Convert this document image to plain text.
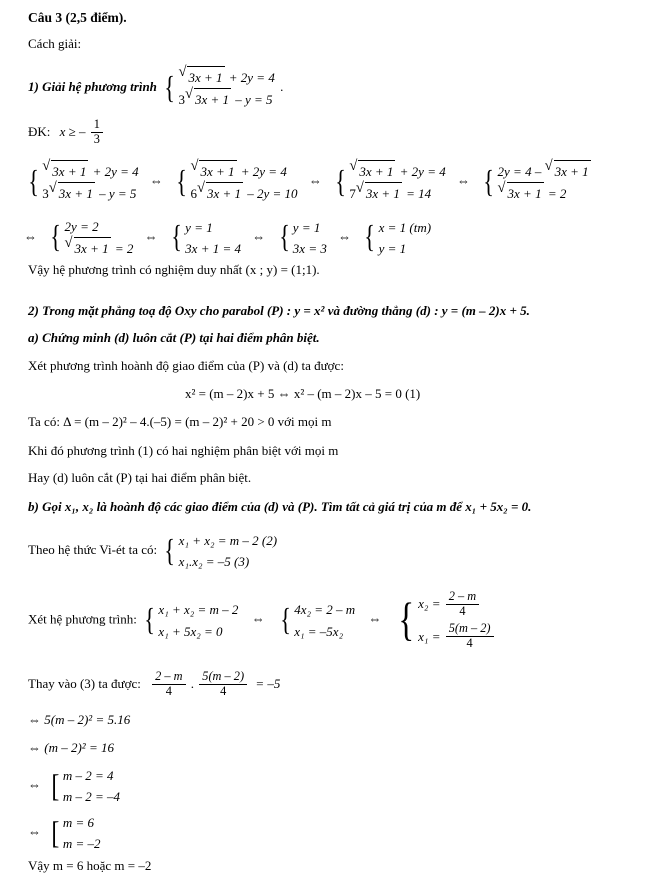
Câu 3 (2,5 điểm).
Cách giải:
1) Giải hệ phương trình { √ 3x + 1 + 2y = 4
3 √ 3x + 1 – y = 5
.
ĐK: x ≥ – $\frac{1}{3}$
{ √ 3x + 1 + 2y = 4
3 √ 3x + 1 – y = 5
⇔ { √ 3x + 1 + 2y = 4
6 √ 3x + 1 – 2y = 10
⇔ { √ 3x + 1 + 2y = 4
7 √ 3x + 1 = 14
⇔ { 2y = 4 – √ 3x + 1
√ 3x + 1 = 2
⇔ { 2y = 2
√ 3x + 1 = 2
⇔ { y = 1
3x + 1 = 4
⇔ { y = 1
3x = 3
⇔ { x = 1 (tm)
y = 1
Vậy hệ phương trình có nghiệm duy nhất (x ; y) = (1;1).
2) Trong mặt phẳng toạ độ Oxy cho parabol (P) : y = x² và đường thẳng (d) : y = (m – 2)x + 5.
a) Chứng minh (d) luôn cắt (P) tại hai điểm phân biệt.
Xét phương trình hoành độ giao điểm của (P) và (d) ta được:
x² = (m – 2)x + 5 ⇔ x² – (m – 2)x – 5 = 0 (1)
Ta có: Δ = (m – 2)² – 4.(–5) = (m – 2)² + 20 > 0 với mọi m
Khi đó phương trình (1) có hai nghiệm phân biệt với mọi m
Hay (d) luôn cắt (P) tại hai điểm phân biệt.
b) Gọi x₁, x₂ là hoành độ các giao điểm của (d) và (P). Tìm tất cả giá trị của m để x₁ + 5x₂ = 0.
Theo hệ thức Vi-ét ta có: { x₁ + x₂ = m – 2 (2)
x₁.x₂ = –5 (3)
Xét hệ phương trình: { x₁ + x₂ = m – 2
x₁ + 5x₂ = 0
⇔ { 4x₂ = 2 – m
x₁ = –5x₂
⇔ { $x_2 = \frac{2 - m}{4}$
$x_1 = \frac{5(m - 2)}{4}$
Thay vào (3) ta được: $\frac{2 - m}{4}$ . $\frac{5(m - 2)}{4} = -5$
⇔ 5(m – 2)² = 5.16
⇔ (m – 2)² = 16
⇔ [ m – 2 = 4
m – 2 = –4
⇔ [ m = 6
m = –2
Vậy m = 6 hoặc m = –2
